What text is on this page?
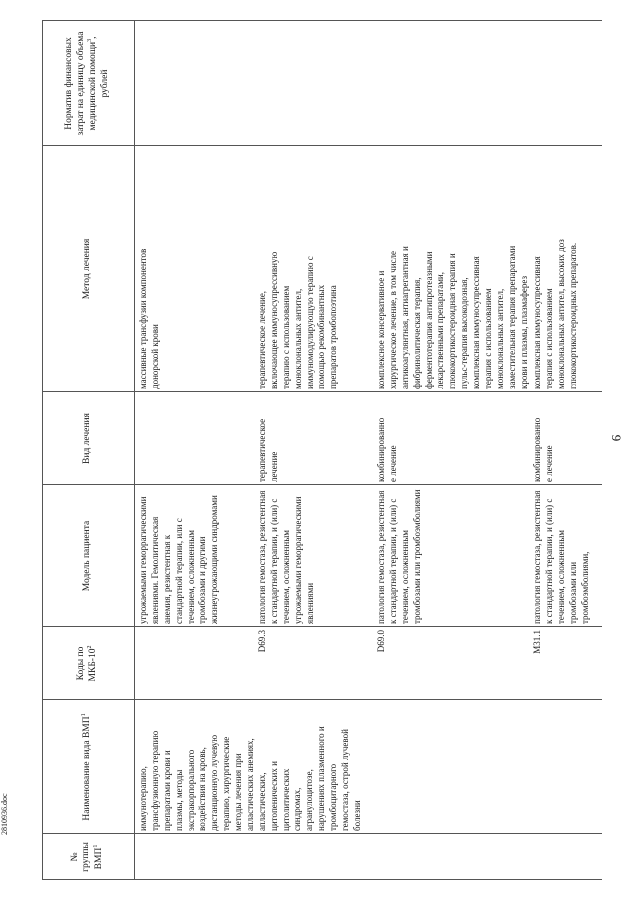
9
2810936.doc
№ группы ВМП$^1$
Наименование вида ВМП$^1$
Коды по МКБ-$10^2$
Модель пациента
Вид лечения
Метод лечения
Норматив финансовых затрат на единицу объема медицинской помощи$^3$, рублей
иммунотерапию,
трансфузионную терапию
препаратами крови и
плазмы, методы
экстракорпорального
воздействия на кровь,
дистанционную лучевую
терапию, хирургические
методы лечения при
апластических анемиях,
апластических,
цитопенических и
цитолитических
синдромах,
агранулоцитозе,
нарушениях плазменного и
тромбоцитарного
гемостаза, острой лучевой
болезни
угрожаемыми геморрагическими
явлениями. Гемолитическая
анемия, резистентная к
стандартной терапии, или с
течением, осложненным
тромбозами и другими
жизнеугрожающими синдромами
массивные трансфузии компонентов
донорской крови
D69.3
патология гемостаза, резистентная
к стандартной терапии, и (или) с
течением, осложненным
угрожаемыми геморрагическими
явлениями
терапевтическое
лечение
терапевтическое лечение,
включающее иммуносупрессивную
терапию с использованием
моноклональных антител,
иммуномодулирующую терапию с
помощью рекомбинантных
препаратов тромбопоэтина
D69.0
патология гемостаза, резистентная
к стандартной терапии, и (или) с
течением, осложненным
тромбозами или тромбоэмболиями
комбинированно
е лечение
комплексное консервативное и
хирургическое лечение, в том числе
антикоагулянтная, антиагрегантная и
фибринолитическая терапия,
ферментотерапия антипротеазными
лекарственными препаратами,
глюкокортикостероидная терапия и
пульс-терапия высокодозная,
комплексная иммуносупрессивная
терапия с использованием
моноклональных антител,
заместительная терапия препаратами
крови и плазмы, плазмаферез
M31.1
патология гемостаза, резистентная
к стандартной терапии, и (или) с
течением, осложненным
тромбозами или тромбоэмболиями,
комбинированно
е лечение
комплексная иммуносупрессивная
терапия с использованием
моноклональных антител, высоких доз
глюкокортикостероидных препаратов.
